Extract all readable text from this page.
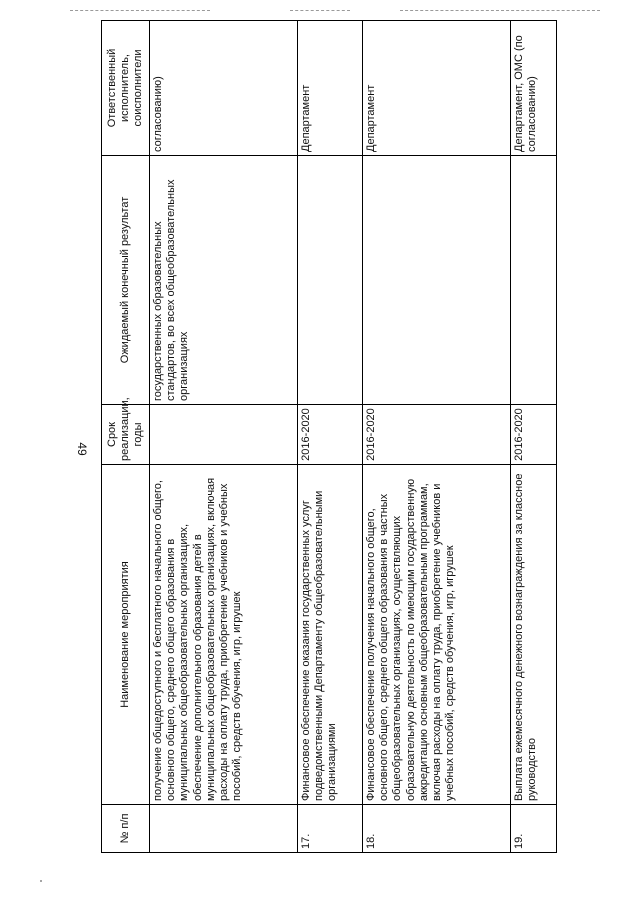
49
№ п/п	Наименование мероприятия	Срок реализации, годы	Ожидаемый конечный результат	Ответственный исполнитель, соисполнители
	получение общедоступного и бесплатного начального общего, основного общего, среднего общего образования в муниципальных общеобразовательных организациях, обеспечение дополнительного образования детей в муниципальных общеобразовательных организациях, включая расходы на оплату труда, приобретение учебников и учебных пособий, средств обучения, игр, игрушек		государственных образовательных стандартов, во всех общеобразовательных организациях	согласованию)
17.	Финансовое обеспечение оказания государственных услуг подведомственными Департаменту общеобразовательными организациями	2016-2020		Департамент
18.	Финансовое обеспечение получения начального общего, основного общего, среднего общего образования в частных общеобразовательных организациях, осуществляющих образовательную деятельность по имеющим государственную аккредитацию основным общеобразовательным программам, включая расходы на оплату труда, приобретение учебников и учебных пособий, средств обучения, игр, игрушек	2016-2020		Департамент
19.	Выплата ежемесячного денежного вознаграждения за классное руководство	2016-2020		Департамент, ОМС (по согласованию)
